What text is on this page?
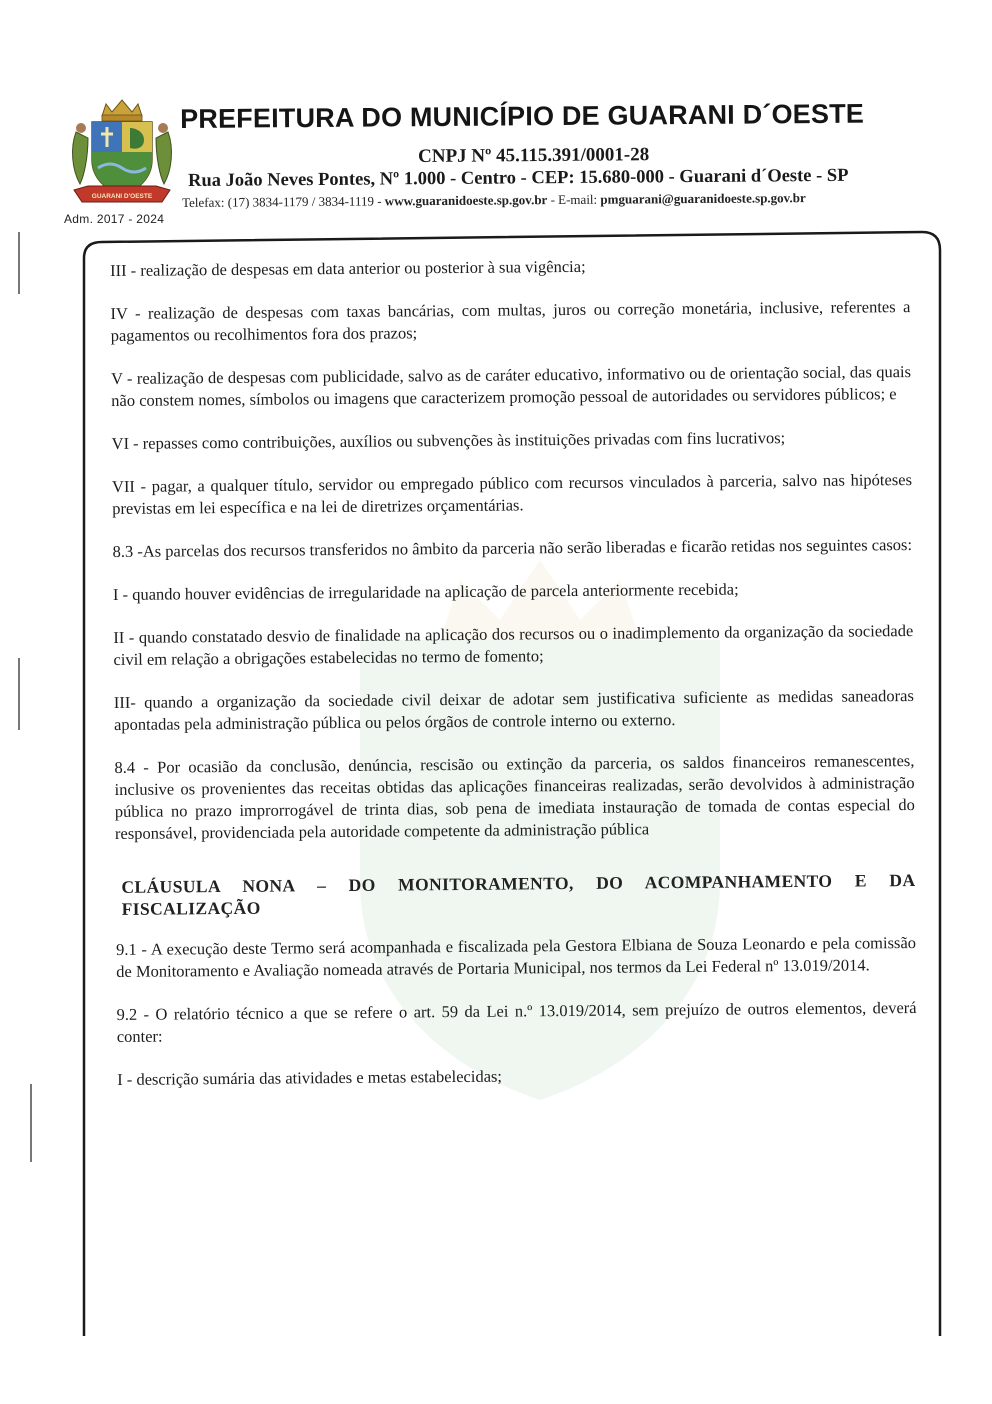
GUARANI D'OESTE
Adm. 2017 - 2024
PREFEITURA DO MUNICÍPIO DE GUARANI D´OESTE
CNPJ Nº 45.115.391/0001-28
Rua João Neves Pontes, Nº 1.000 - Centro - CEP: 15.680-000 - Guarani d´Oeste - SP
Telefax: (17) 3834-1179 / 3834-1119 - www.guaranidoeste.sp.gov.br - E-mail: pmguarani@guaranidoeste.sp.gov.br

III - realização de despesas em data anterior ou posterior à sua vigência;

IV - realização de despesas com taxas bancárias, com multas, juros ou correção monetária, inclusive, referentes a pagamentos ou recolhimentos fora dos prazos;

V - realização de despesas com publicidade, salvo as de caráter educativo, informativo ou de orientação social, das quais não constem nomes, símbolos ou imagens que caracterizem promoção pessoal de autoridades ou servidores públicos; e

VI - repasses como contribuições, auxílios ou subvenções às instituições privadas com fins lucrativos;

VII - pagar, a qualquer título, servidor ou empregado público com recursos vinculados à parceria, salvo nas hipóteses previstas em lei específica e na lei de diretrizes orçamentárias.

8.3 -As parcelas dos recursos transferidos no âmbito da parceria não serão liberadas e ficarão retidas nos seguintes casos:

I - quando houver evidências de irregularidade na aplicação de parcela anteriormente recebida;

II - quando constatado desvio de finalidade na aplicação dos recursos ou o inadimplemento da organização da sociedade civil em relação a obrigações estabelecidas no termo de fomento;

III- quando a organização da sociedade civil deixar de adotar sem justificativa suficiente as medidas saneadoras apontadas pela administração pública ou pelos órgãos de controle interno ou externo.

8.4 - Por ocasião da conclusão, denúncia, rescisão ou extinção da parceria, os saldos financeiros remanescentes, inclusive os provenientes das receitas obtidas das aplicações financeiras realizadas, serão devolvidos à administração pública no prazo improrrogável de trinta dias, sob pena de imediata instauração de tomada de contas especial do responsável, providenciada pela autoridade competente da administração pública

CLÁUSULA NONA – DO MONITORAMENTO, DO ACOMPANHAMENTO E DA FISCALIZAÇÃO

9.1 - A execução deste Termo será acompanhada e fiscalizada pela Gestora Elbiana de Souza Leonardo e pela comissão de Monitoramento e Avaliação nomeada através de Portaria Municipal, nos termos da Lei Federal nº 13.019/2014.

9.2 - O relatório técnico a que se refere o art. 59 da Lei n.º 13.019/2014, sem prejuízo de outros elementos, deverá conter:

I - descrição sumária das atividades e metas estabelecidas;
